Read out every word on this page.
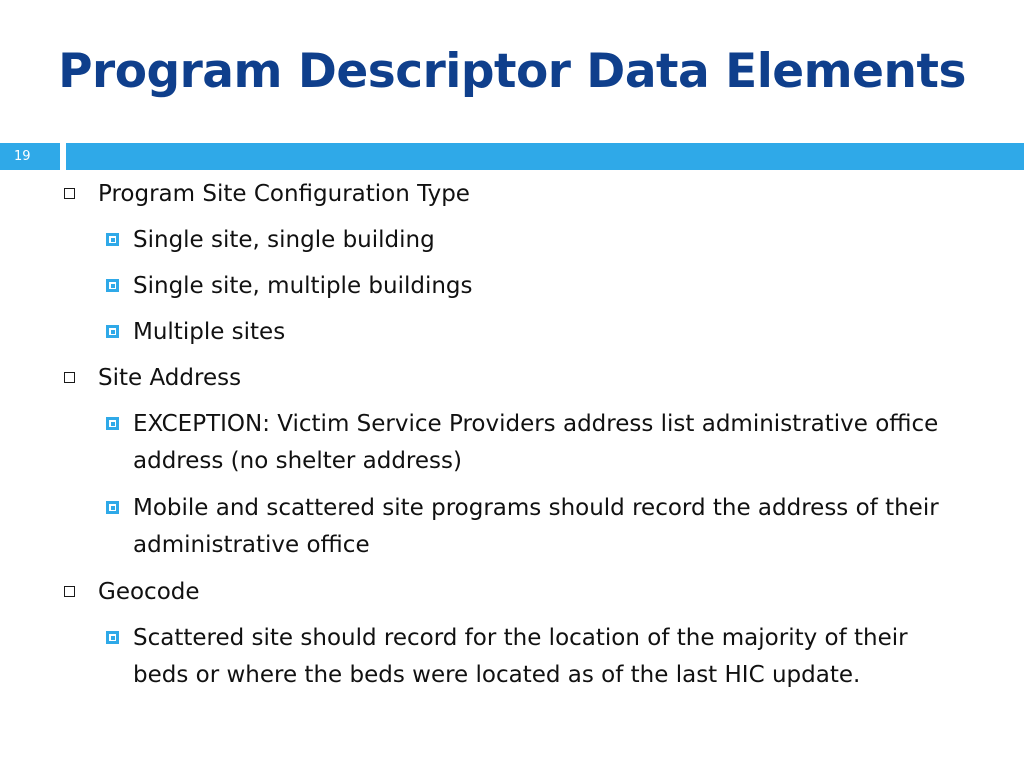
Program Descriptor Data Elements
19
Program Site Configuration Type
Single site, single building
Single site, multiple buildings
Multiple sites
Site Address
EXCEPTION: Victim Service Providers address list administrative office address (no shelter address)
Mobile and scattered site programs should record the address of their administrative office
Geocode
Scattered site should record for the location of the majority of their beds or where the beds were located as of the last HIC update.
